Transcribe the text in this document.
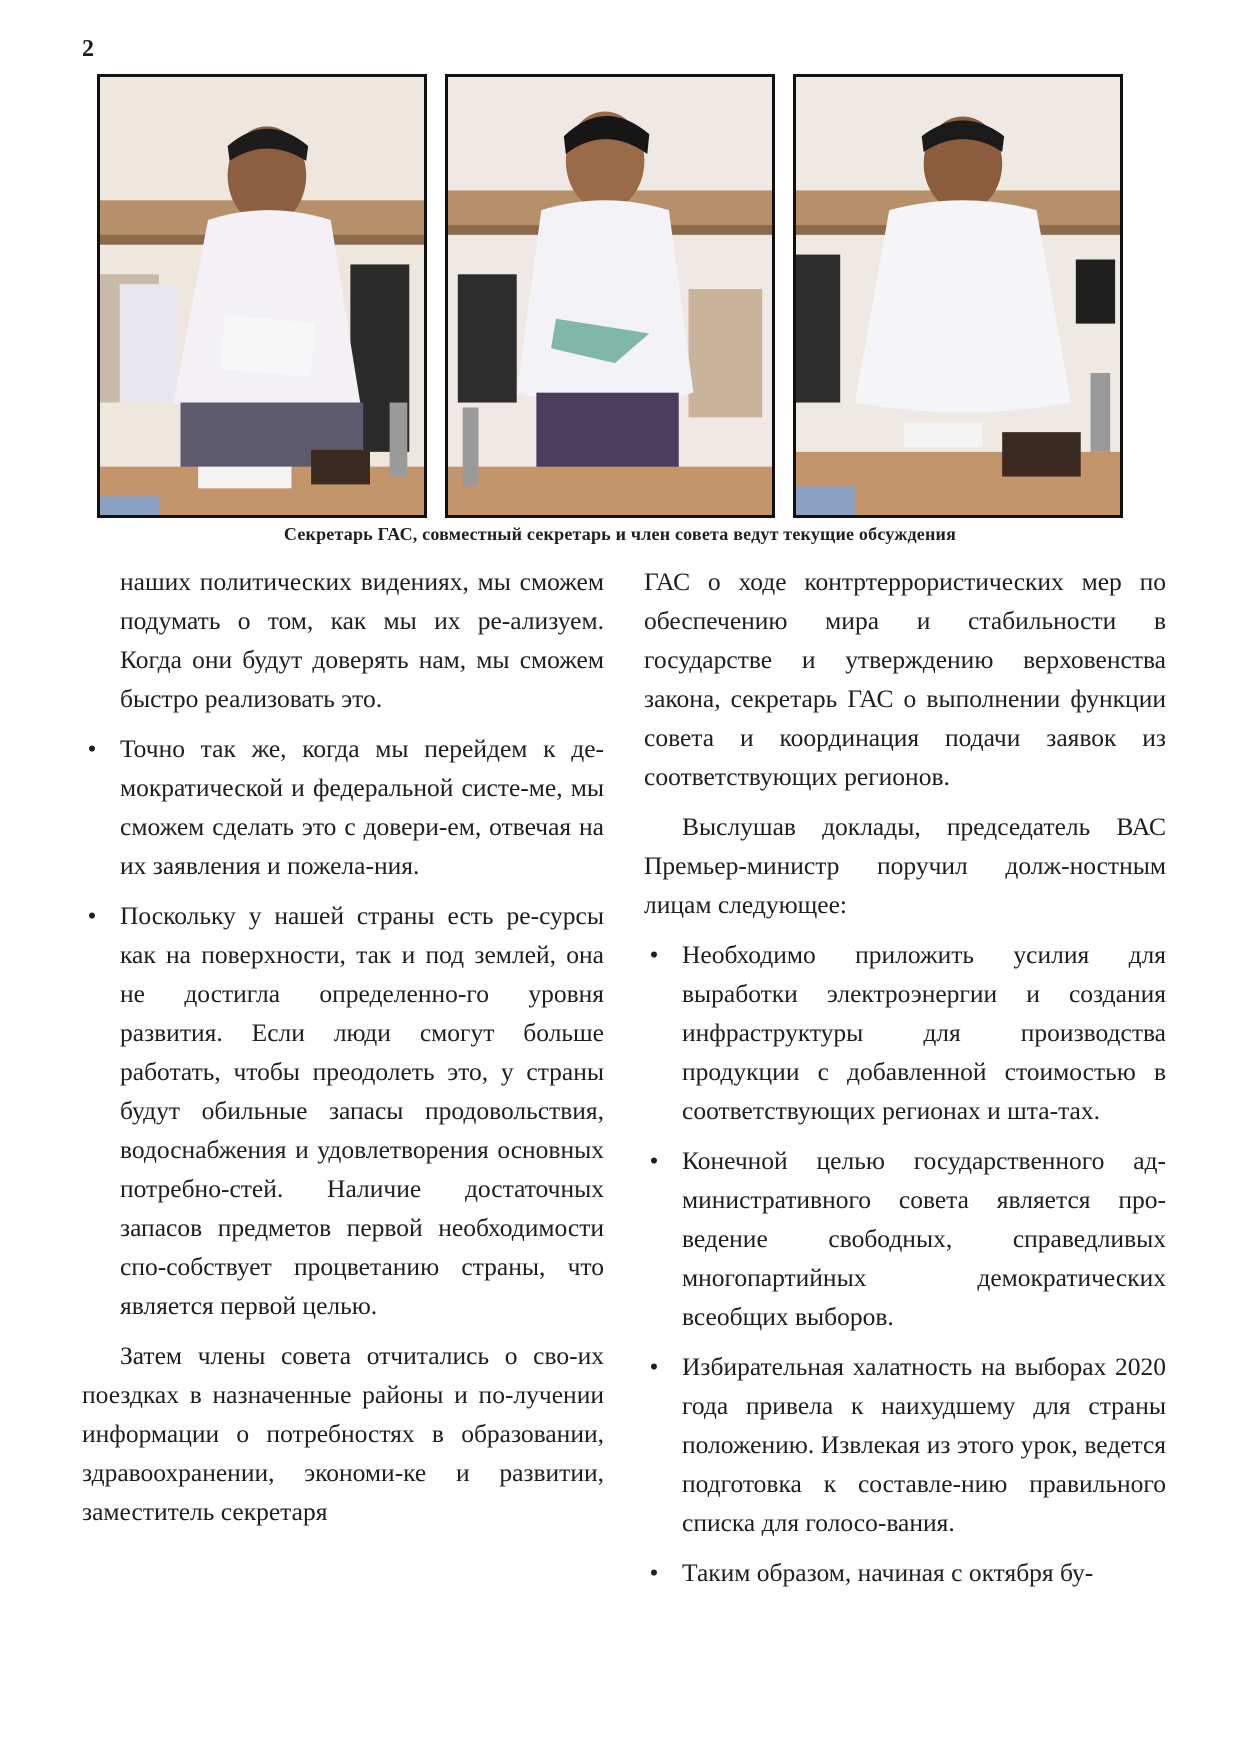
2
Секретарь ГАС, совместный секретарь и член совета ведут текущие обсуждения

наших политических видениях, мы сможем подумать о том, как мы их ре-ализуем. Когда они будут доверять нам, мы сможем быстро реализовать это.

• Точно так же, когда мы перейдем к де-мократической и федеральной систе-ме, мы сможем сделать это с довери-ем, отвечая на их заявления и пожела-ния.

• Поскольку у нашей страны есть ре-сурсы как на поверхности, так и под землей, она не достигла определенно-го уровня развития. Если люди смогут больше работать, чтобы преодолеть это, у страны будут обильные запасы продовольствия, водоснабжения и удовлетворения основных потребно-стей. Наличие достаточных запасов предметов первой необходимости спо-собствует процветанию страны, что является первой целью.

Затем члены совета отчитались о сво-их поездках в назначенные районы и по-лучении информации о потребностях в образовании, здравоохранении, экономи-ке и развитии, заместитель секретаря

ГАС о ходе контртеррористических мер по обеспечению мира и стабильности в государстве и утверждению верховенства закона, секретарь ГАС о выполнении функции совета и координация подачи заявок из соответствующих регионов.

Выслушав доклады, председатель ВАС Премьер-министр поручил долж-ностным лицам следующее:

• Необходимо приложить усилия для выработки электроэнергии и создания инфраструктуры для производства продукции с добавленной стоимостью в соответствующих регионах и шта-тах.

• Конечной целью государственного ад-министративного совета является про-ведение свободных, справедливых многопартийных демократических всеобщих выборов.

• Избирательная халатность на выборах 2020 года привела к наихудшему для страны положению. Извлекая из этого урок, ведется подготовка к составле-нию правильного списка для голосо-вания.

• Таким образом, начиная с октября бу-
